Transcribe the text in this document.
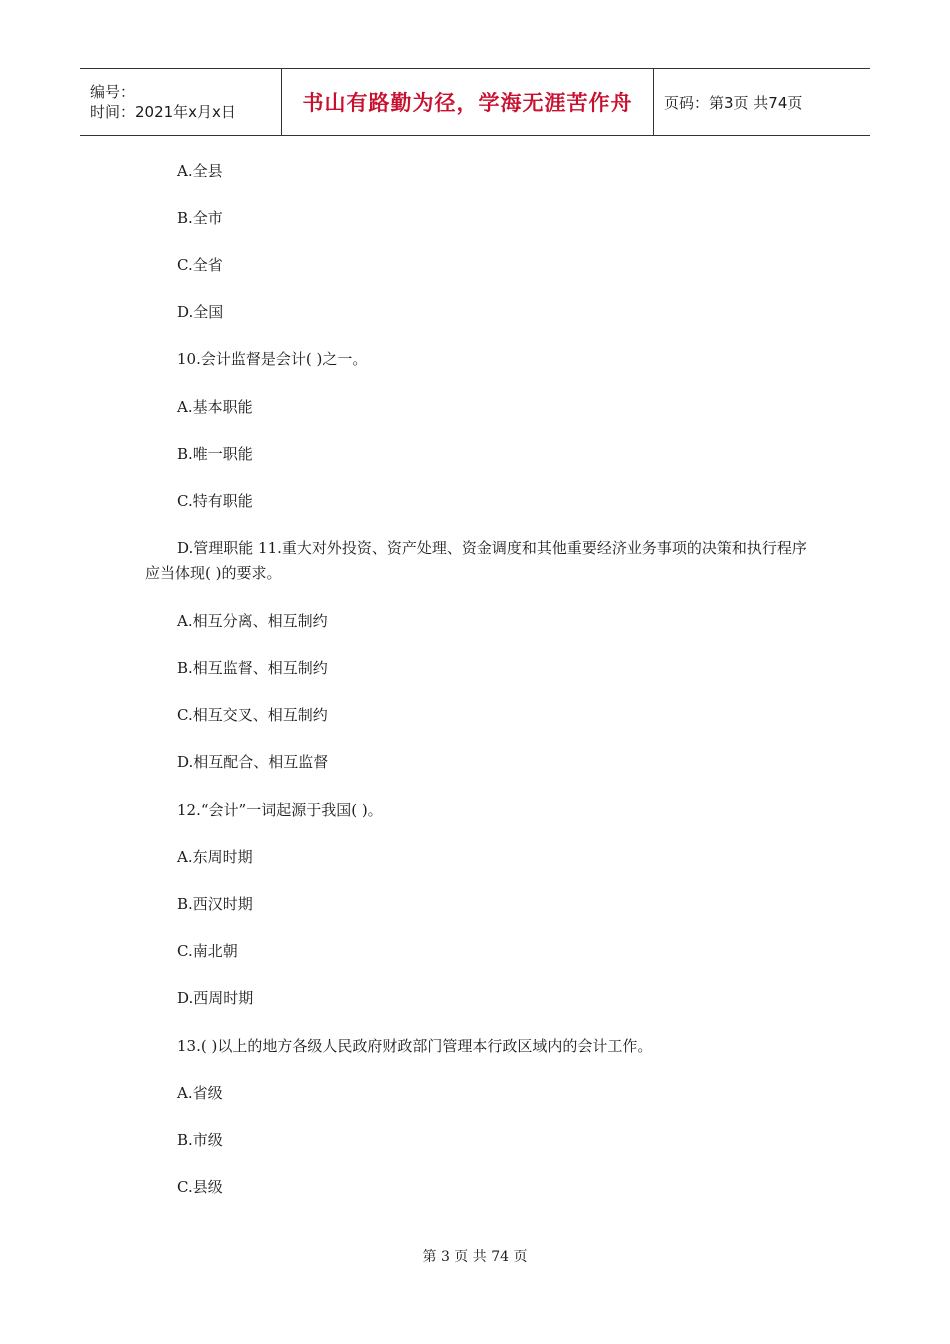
编号：
时间：2021年x月x日	书山有路勤为径，学海无涯苦作舟 页码：第3页 共74页
A.全县
B.全市
C.全省
D.全国
10.会计监督是会计( )之一。
A.基本职能
B.唯一职能
C.特有职能
D.管理职能 11.重大对外投资、资产处理、资金调度和其他重要经济业务事项的决策和执行程序应当体现( )的要求。
A.相互分离、相互制约
B.相互监督、相互制约
C.相互交叉、相互制约
D.相互配合、相互监督
12.“会计”一词起源于我国( )。
A.东周时期
B.西汉时期
C.南北朝
D.西周时期
13.( )以上的地方各级人民政府财政部门管理本行政区域内的会计工作。
A.省级
B.市级
C.县级
第 3 页 共 74 页
